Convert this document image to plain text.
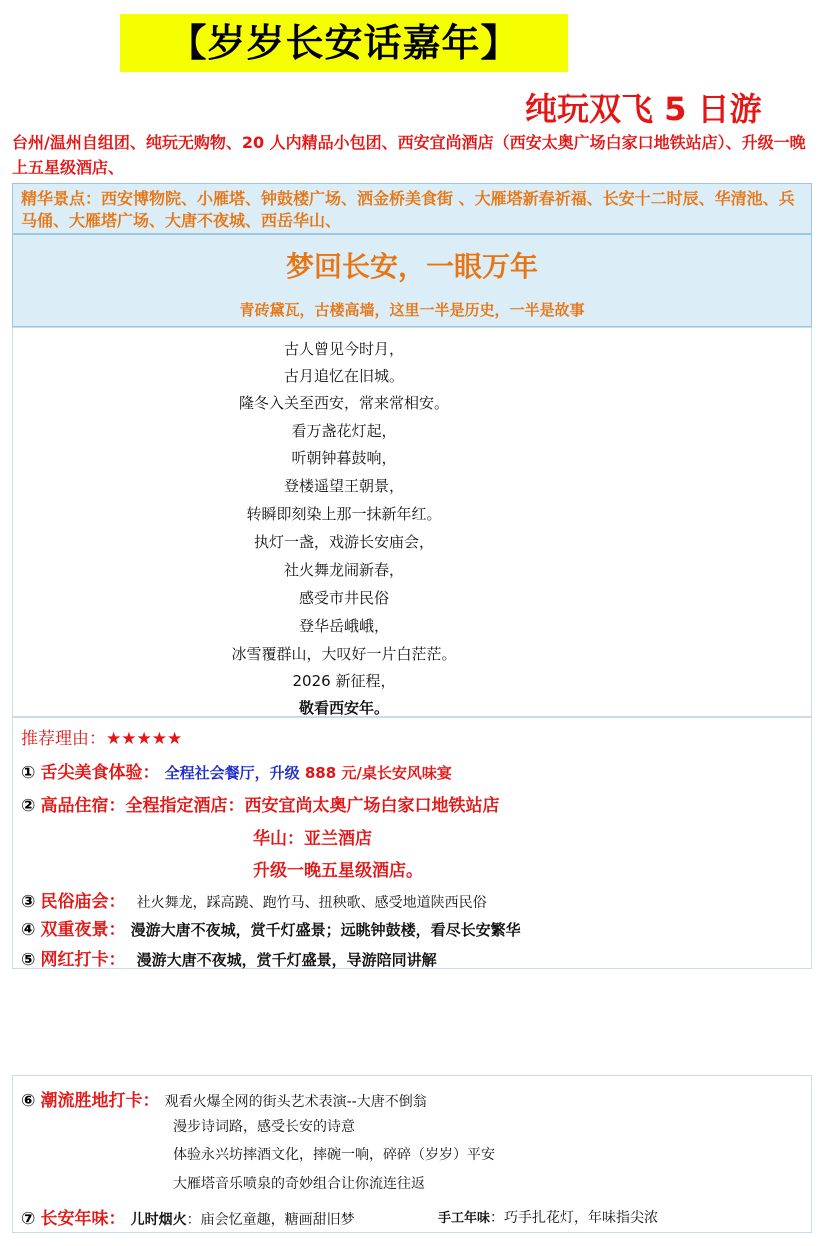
【岁岁长安话嘉年】
纯玩双飞 5 日游
台州/温州自组团、纯玩无购物、20 人内精品小包团、西安宜尚酒店（西安太奥广场白家口地铁站店）、升级一晚上五星级酒店、
精华景点：西安博物院、小雁塔、钟鼓楼广场、洒金桥美食街 、大雁塔新春祈福、长安十二时辰、华清池、兵马俑、大雁塔广场、大唐不夜城、西岳华山、
梦回长安，一眼万年
青砖黛瓦，古楼高墙，这里一半是历史，一半是故事
古人曾见今时月，
古月追忆在旧城。
隆冬入关至西安，常来常相安。
看万盏花灯起，
听朝钟暮鼓响，
登楼遥望王朝景，
转瞬即刻染上那一抹新年红。
执灯一盏，戏游长安庙会，
社火舞龙闹新春，
感受市井民俗
登华岳峨峨，
冰雪覆群山，大叹好一片白茫茫。
2026 新征程，
敬看西安年。
推荐理由：★★★★★
① 舌尖美食体验： 全程社会餐厅，升级 888 元/桌长安风味宴
② 高品住宿：全程指定酒店：西安宜尚太奥广场白家口地铁站店
华山：亚兰酒店
升级一晚五星级酒店。
③ 民俗庙会： 社火舞龙，踩高蹺、跑竹马、扭秧歌、感受地道陕西民俗
④ 双重夜景： 漫游大唐不夜城，赏千灯盛景；远眺钟鼓楼，看尽长安繁华
⑤ 网红打卡： 漫游大唐不夜城，赏千灯盛景，导游陪同讲解
⑥ 潮流胜地打卡： 观看火爆全网的街头艺术表演--大唐不倒翁
漫步诗词路，感受长安的诗意
体验永兴坊摔酒文化，摔碗一响，碎碎（岁岁）平安
大雁塔音乐喷泉的奇妙组合让你流连往返
⑦ 长安年味： 儿时烟火：庙会忆童趣，糖画甜旧梦	手工年味：巧手扎花灯，年味指尖浓
